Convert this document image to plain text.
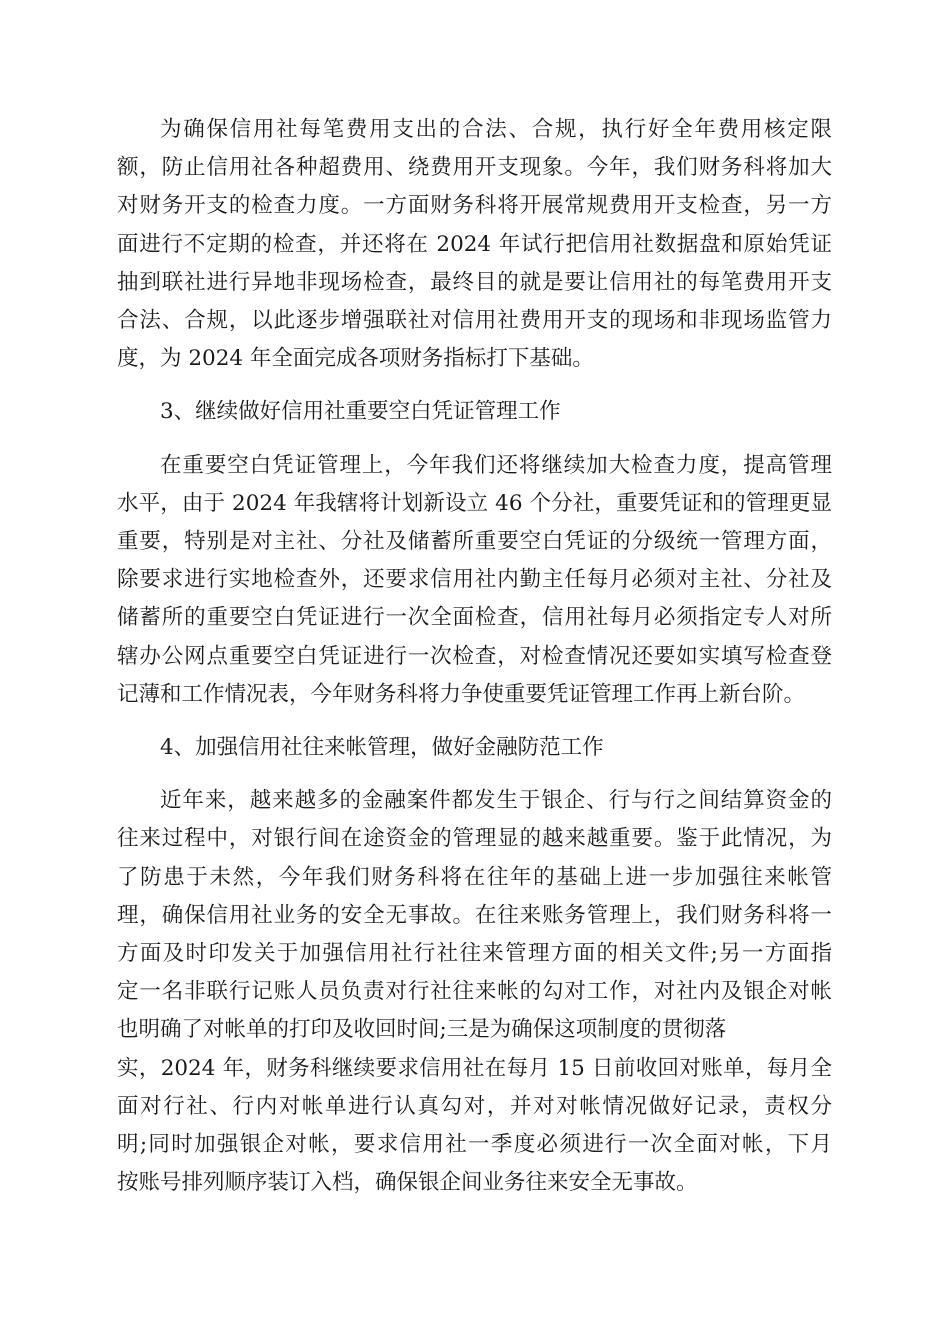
为确保信用社每笔费用支出的合法、合规，执行好全年费用核定限
额，防止信用社各种超费用、绕费用开支现象。今年，我们财务科将加大
对财务开支的检查力度。一方面财务科将开展常规费用开支检查，另一方
面进行不定期的检查，并还将在 2024 年试行把信用社数据盘和原始凭证
抽到联社进行异地非现场检查，最终目的就是要让信用社的每笔费用开支
合法、合规，以此逐步增强联社对信用社费用开支的现场和非现场监管力
度，为 2024 年全面完成各项财务指标打下基础。
3、继续做好信用社重要空白凭证管理工作
在重要空白凭证管理上，今年我们还将继续加大检查力度，提高管理
水平，由于 2024 年我辖将计划新设立 46 个分社，重要凭证和的管理更显
重要，特别是对主社、分社及储蓄所重要空白凭证的分级统一管理方面，
除要求进行实地检查外，还要求信用社内勤主任每月必须对主社、分社及
储蓄所的重要空白凭证进行一次全面检查，信用社每月必须指定专人对所
辖办公网点重要空白凭证进行一次检查，对检查情况还要如实填写检查登
记薄和工作情况表，今年财务科将力争使重要凭证管理工作再上新台阶。
4、加强信用社往来帐管理，做好金融防范工作
近年来，越来越多的金融案件都发生于银企、行与行之间结算资金的
往来过程中，对银行间在途资金的管理显的越来越重要。鉴于此情况，为
了防患于未然，今年我们财务科将在往年的基础上进一步加强往来帐管
理，确保信用社业务的安全无事故。在往来账务管理上，我们财务科将一
方面及时印发关于加强信用社行社往来管理方面的相关文件;另一方面指
定一名非联行记账人员负责对行社往来帐的勾对工作，对社内及银企对帐
也明确了对帐单的打印及收回时间;三是为确保这项制度的贯彻落
实，2024 年，财务科继续要求信用社在每月 15 日前收回对账单，每月全
面对行社、行内对帐单进行认真勾对，并对对帐情况做好记录，责权分
明;同时加强银企对帐，要求信用社一季度必须进行一次全面对帐，下月
按账号排列顺序装订入档，确保银企间业务往来安全无事故。
